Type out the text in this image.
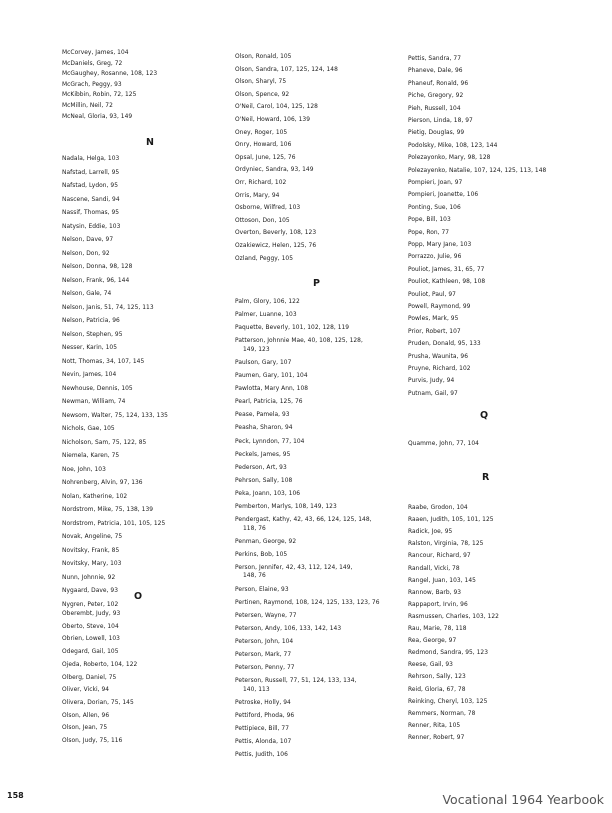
McCorvey, James, 104
McDaniels, Greg, 72
McGaughey, Rosanne, 108, 123
McGrach, Peggy, 93
McKibbin, Robin, 72, 125
McMillin, Neil, 72
McNeal, Gloria, 93, 149
N
Nadala, Helga, 103
Nafstad, Larrell, 95
Nafstad, Lydon, 95
Nascene, Sandi, 94
Nassif, Thomas, 95
Natysin, Eddie, 103
Nelson, Dave, 97
Nelson, Don, 92
Nelson, Donna, 98, 128
Nelson, Frank, 96, 144
Nelson, Gale, 74
Nelson, Janis, 51, 74, 125, 113
Nelson, Patricia, 96
Nelson, Stephen, 95
Nesser, Karin, 105
Nott, Thomas, 34, 107, 145
Nevin, James, 104
Newhouse, Dennis, 105
Newman, William, 74
Newsom, Walter, 75, 124, 133, 135
Nichols, Gae, 105
Nicholson, Sam, 75, 122, 85
Niemela, Karen, 75
Noe, John, 103
Nohrenberg, Alvin, 97, 136
Nolan, Katherine, 102
Nordstrom, Mike, 75, 138, 139
Nordstrom, Patricia, 101, 105, 125
Novak, Angeline, 75
Novitsky, Frank, 85
Novitsky, Mary, 103
Nunn, Johnnie, 92
Nygaard, Dave, 93
Nygren, Peter, 102
O
Oberembt, Judy, 93
Oberto, Steve, 104
Obrien, Lowell, 103
Odegard, Gail, 105
Ojeda, Roberto, 104, 122
Olberg, Daniel, 75
Oliver, Vicki, 94
Olivera, Dorian, 75, 145
Olson, Allen, 96
Olson, Jean, 75
Olson, Judy, 75, 116
Olson, Ronald, 105
Olson, Sandra, 107, 125, 124, 148
Olson, Sharyl, 75
Olson, Spence, 92
O'Neil, Carol, 104, 125, 128
O'Neil, Howard, 106, 139
Oney, Roger, 105
Onry, Howard, 106
Opsal, June, 125, 76
Ordyniec, Sandra, 93, 149
Orr, Richard, 102
Orris, Mary, 94
Osborne, Wilfred, 103
Ottoson, Don, 105
Overton, Beverly, 108, 123
Ozakiewicz, Helen, 125, 76
Ozland, Peggy, 105
P
Palm, Glory, 106, 122
Palmer, Luanne, 103
Paquette, Beverly, 101, 102, 128, 119
Patterson, Johnnie Mae, 40, 108, 125, 128,
149, 123
Paulson, Gary, 107
Paumen, Gary, 101, 104
Pawlotta, Mary Ann, 108
Pearl, Patricia, 125, 76
Pease, Pamela, 93
Peasha, Sharon, 94
Peck, Lynndon, 77, 104
Peckels, James, 95
Pederson, Art, 93
Pehrson, Sally, 108
Peka, Joann, 103, 106
Pemberton, Marlys, 108, 149, 123
Pendergast, Kathy, 42, 43, 66, 124, 125, 148,
118, 76
Penman, George, 92
Perkins, Bob, 105
Person, Jennifer, 42, 43, 112, 124, 149,
148, 76
Person, Elaine, 93
Pertinen, Raymond, 108, 124, 125, 133, 123, 76
Petersen, Wayne, 77
Peterson, Andy, 106, 133, 142, 143
Peterson, John, 104
Peterson, Mark, 77
Peterson, Penny, 77
Peterson, Russell, 77, 51, 124, 133, 134,
140, 113
Petroske, Holly, 94
Pettiford, Phoda, 96
Pettipiece, Bill, 77
Pettis, Alonda, 107
Pettis, Judith, 106
Pettis, Sandra, 77
Phaneve, Dale, 96
Phaneuf, Ronald, 96
Piche, Gregory, 92
Pieh, Russell, 104
Pierson, Linda, 18, 97
Pietig, Douglas, 99
Podolsky, Mike, 108, 123, 144
Polezayonko, Mary, 98, 128
Polezayenko, Natalie, 107, 124, 125, 113, 148
Pompieri, Joan, 97
Pompieri, Joanette, 106
Ponting, Sue, 106
Pope, Bill, 103
Pope, Ron, 77
Popp, Mary Jane, 103
Porrazzo, Julie, 96
Pouliot, James, 31, 65, 77
Pouliot, Kathleen, 98, 108
Pouliot, Paul, 97
Powell, Raymond, 99
Powles, Mark, 95
Prior, Robert, 107
Pruden, Donald, 95, 133
Prusha, Waunita, 96
Pruyne, Richard, 102
Purvis, Judy, 94
Putnam, Gail, 97
Q
Quamme, John, 77, 104
R
Raabe, Grodon, 104
Raaen, Judith, 105, 101, 125
Radick, Joe, 95
Ralston, Virginia, 78, 125
Rancour, Richard, 97
Randall, Vicki, 78
Rangel, Juan, 103, 145
Rannow, Barb, 93
Rappaport, Irvin, 96
Rasmussen, Charles, 103, 122
Rau, Marie, 78, 118
Rea, George, 97
Redmond, Sandra, 95, 123
Reese, Gail, 93
Rehrson, Sally, 123
Reid, Gloria, 67, 78
Reinking, Cheryl, 103, 125
Remmers, Norman, 78
Renner, Rita, 105
Renner, Robert, 97
158	Vocational 1964 Yearbook
